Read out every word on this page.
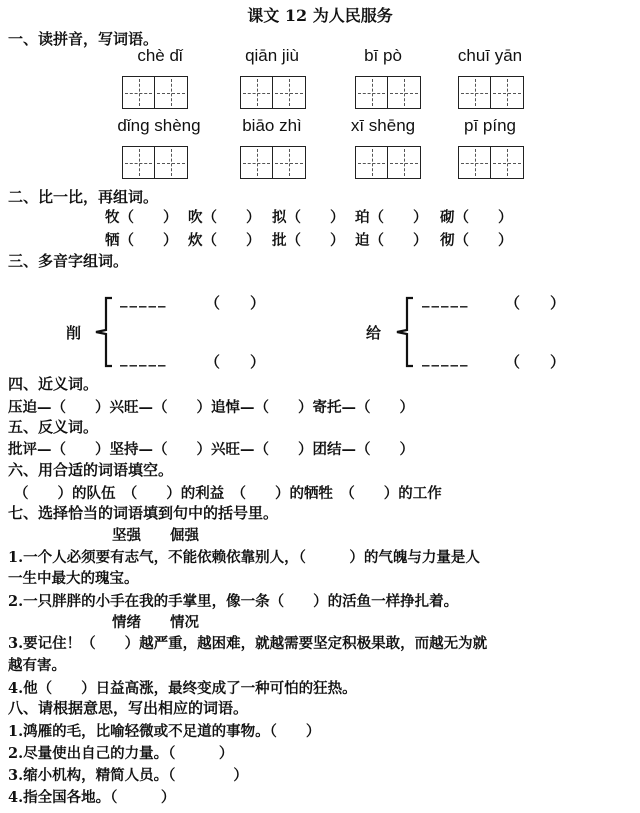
课文 12 为人民服务
一、读拼音，写词语。
chè dǐ	qiān jiù	bī pò	chuī yān
dǐng shèng	biāo zhì	xī shēng	pī píng
二、比一比，再组词。
牧（　　） 吹（　　） 拟（　　） 珀（　　） 砌（　　）
牺（　　） 炊（　　） 批（　　） 迫（　　） 彻（　　）
三、多音字组词。
削
_____	（　　）
_____	（　　）
给
_____ （　　）
_____ （　　）
四、近义词。
压迫—（　　）兴旺—（　　）追悼—（　　）寄托—（　　）
五、反义词。
批评—（　　）坚持—（　　）兴旺—（　　）团结—（　　）
六、用合适的词语填空。
（　　）的队伍　（　　）的利益　（　　）的牺牲　（　　）的工作
七、选择恰当的词语填到句中的括号里。
坚强　　倔强
1.一个人必须要有志气，不能依赖依靠别人，（　　　）的气魄与力量是人
一生中最大的瑰宝。
2.一只胖胖的小手在我的手掌里，像一条（　　）的活鱼一样挣扎着。
情绪　　情况
3.要记住！（　　）越严重，越困难，就越需要坚定积极果敢，而越无为就
越有害。
4.他（　　）日益高涨，最终变成了一种可怕的狂热。
八、请根据意思，写出相应的词语。
1.鸿雁的毛，比喻轻微或不足道的事物。（　　）
2.尽量使出自己的力量。（　　　）
3.缩小机构，精简人员。（　　　　）
4.指全国各地。（　　　）
